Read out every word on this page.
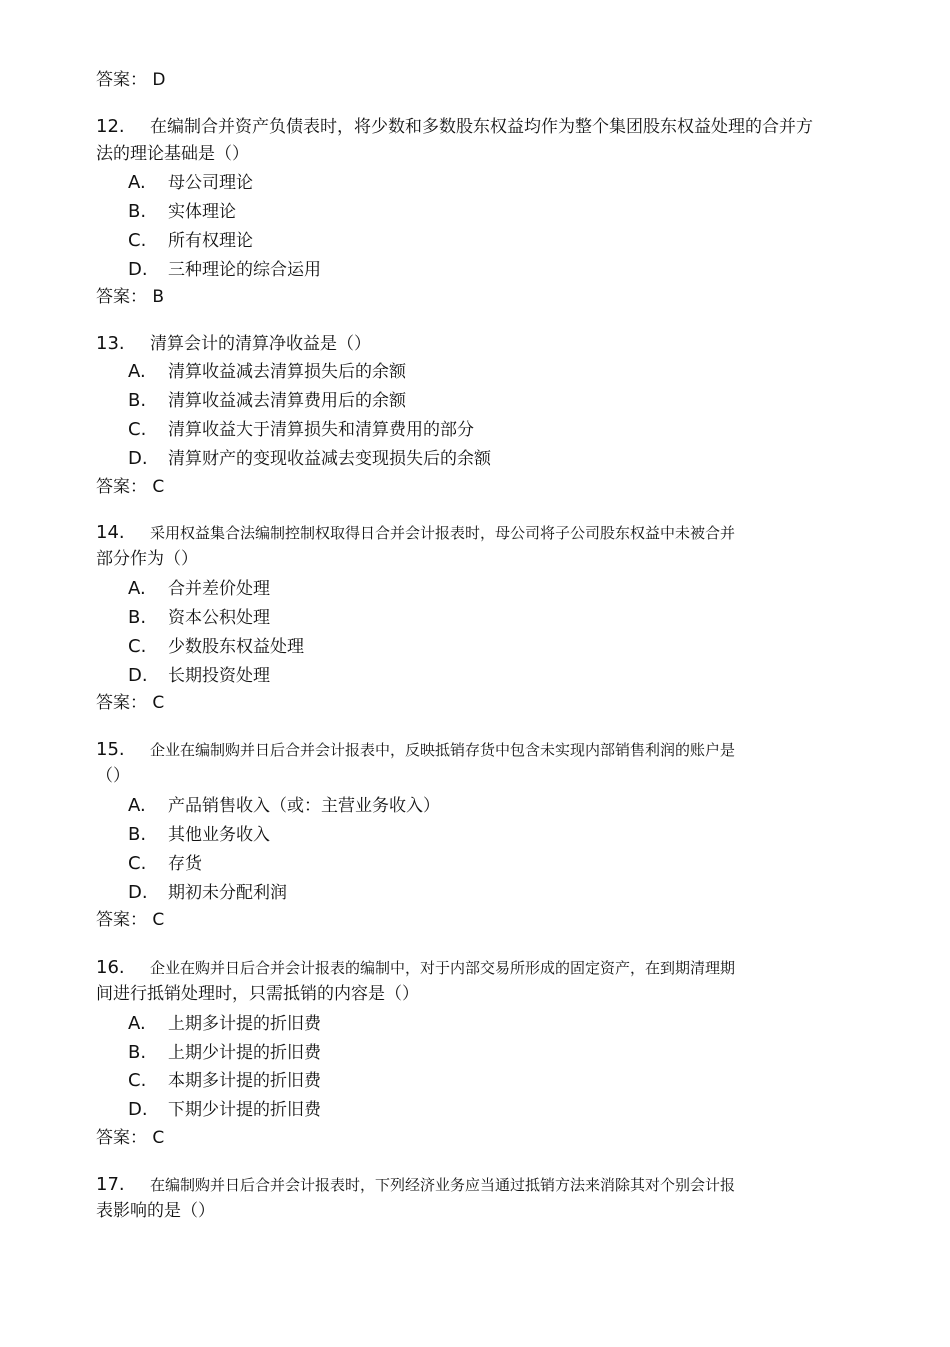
答案： D
12. 在编制合并资产负债表时，将少数和多数股东权益均作为整个集团股东权益处理的合并方
法的理论基础是（）
A. 母公司理论
B. 实体理论
C. 所有权理论
D. 三种理论的综合运用
答案： B
13. 清算会计的清算净收益是（）
A. 清算收益减去清算损失后的余额
B. 清算收益减去清算费用后的余额
C. 清算收益大于清算损失和清算费用的部分
D. 清算财产的变现收益减去变现损失后的余额
答案： C
14. 采用权益集合法编制控制权取得日合并会计报表时，母公司将子公司股东权益中未被合并
部分作为（）
A. 合并差价处理
B. 资本公积处理
C. 少数股东权益处理
D. 长期投资处理
答案： C
15. 企业在编制购并日后合并会计报表中，反映抵销存货中包含未实现内部销售利润的账户是
（）
A. 产品销售收入（或：主营业务收入）
B. 其他业务收入
C. 存货
D. 期初未分配利润
答案： C
16. 企业在购并日后合并会计报表的编制中，对于内部交易所形成的固定资产，在到期清理期
间进行抵销处理时，只需抵销的内容是（）
A. 上期多计提的折旧费
B. 上期少计提的折旧费
C. 本期多计提的折旧费
D. 下期少计提的折旧费
答案： C
17. 在编制购并日后合并会计报表时，下列经济业务应当通过抵销方法来消除其对个别会计报
表影响的是（）
